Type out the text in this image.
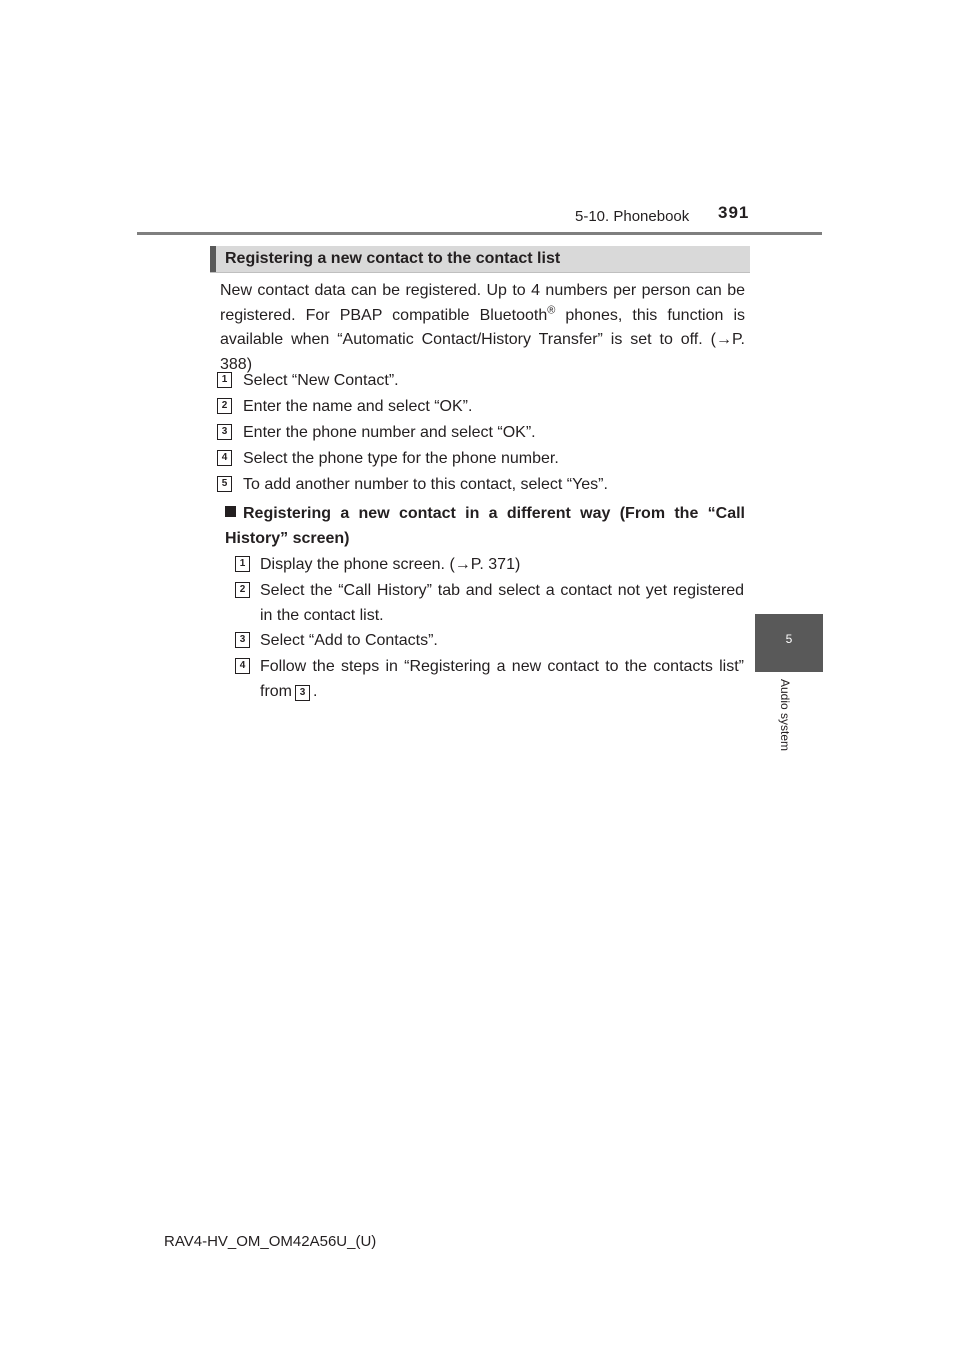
5-10. Phonebook 391
5
Audio system
Registering a new contact to the contact list
New contact data can be registered. Up to 4 numbers per person can be registered. For PBAP compatible Bluetooth® phones, this function is available when “Automatic Contact/History Transfer” is set to off. (→P. 388)
1 Select “New Contact”.
2 Enter the name and select “OK”.
3 Enter the phone number and select “OK”.
4 Select the phone type for the phone number.
5 To add another number to this contact, select “Yes”.
Registering a new contact in a different way (From the “Call History” screen)
1 Display the phone screen. (→P. 371)
2 Select the “Call History” tab and select a contact not yet registered in the contact list.
3 Select “Add to Contacts”.
4 Follow the steps in “Registering a new contact to the contacts list” from 3 .
RAV4-HV_OM_OM42A56U_(U)
